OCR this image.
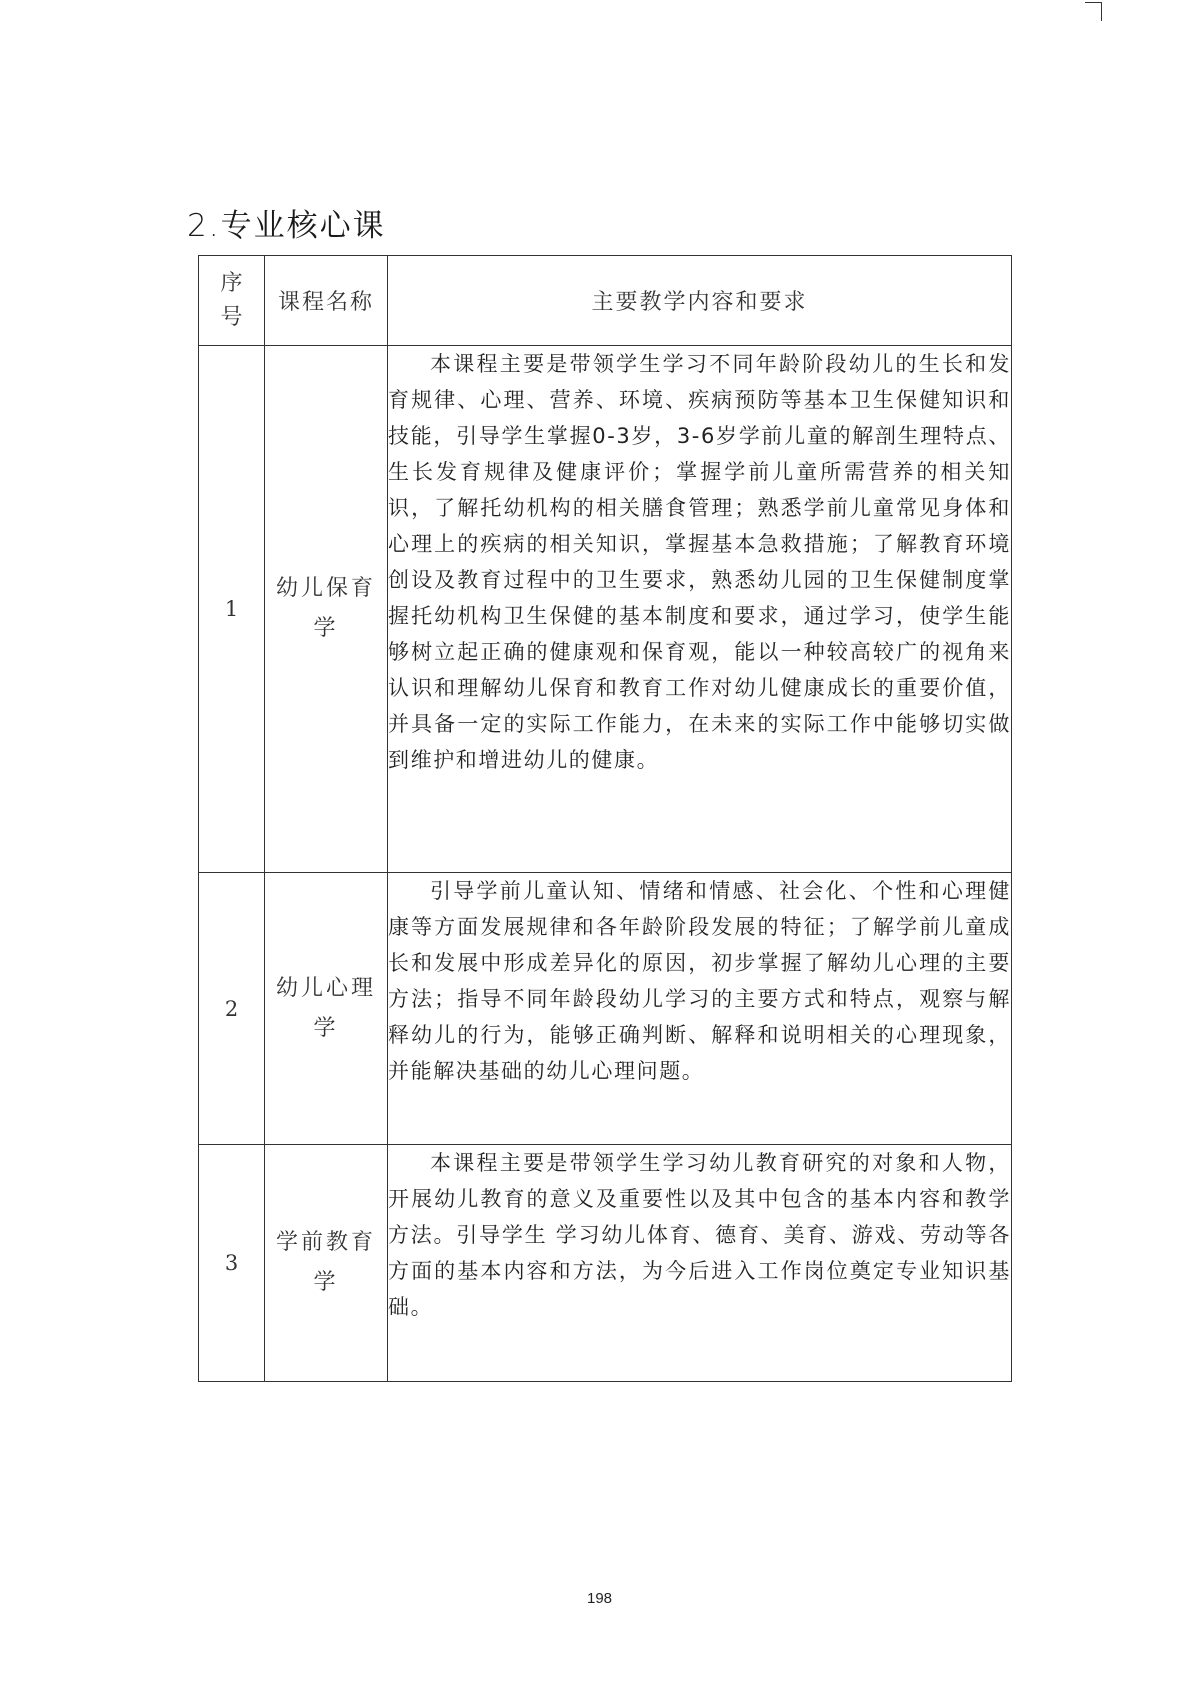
2.专业核心课
序号	课程名称	主要教学内容和要求
1	幼儿保育学	本课程主要是带领学生学习不同年龄阶段幼儿的生长和发育规律、心理、营养、环境、疾病预防等基本卫生保健知识和技能，引导学生掌握0-3岁，3-6岁学前儿童的解剖生理特点、生长发育规律及健康评价；掌握学前儿童所需营养的相关知识，了解托幼机构的相关膳食管理；熟悉学前儿童常见身体和心理上的疾病的相关知识，掌握基本急救措施；了解教育环境创设及教育过程中的卫生要求，熟悉幼儿园的卫生保健制度掌握托幼机构卫生保健的基本制度和要求，通过学习，使学生能够树立起正确的健康观和保育观，能以一种较高较广的视角来认识和理解幼儿保育和教育工作对幼儿健康成长的重要价值，并具备一定的实际工作能力，在未来的实际工作中能够切实做到维护和增进幼儿的健康。

2	幼儿心理学	引导学前儿童认知、情绪和情感、社会化、个性和心理健康等方面发展规律和各年龄阶段发展的特征；了解学前儿童成长和发展中形成差异化的原因，初步掌握了解幼儿心理的主要方法；指导不同年龄段幼儿学习的主要方式和特点，观察与解释幼儿的行为，能够正确判断、解释和说明相关的心理现象，并能解决基础的幼儿心理问题。

3	学前教育学	本课程主要是带领学生学习幼儿教育研究的对象和人物，开展幼儿教育的意义及重要性以及其中包含的基本内容和教学方法。引导学生 学习幼儿体育、德育、美育、游戏、劳动等各方面的基本内容和方法，为今后进入工作岗位奠定专业知识基础。

198
